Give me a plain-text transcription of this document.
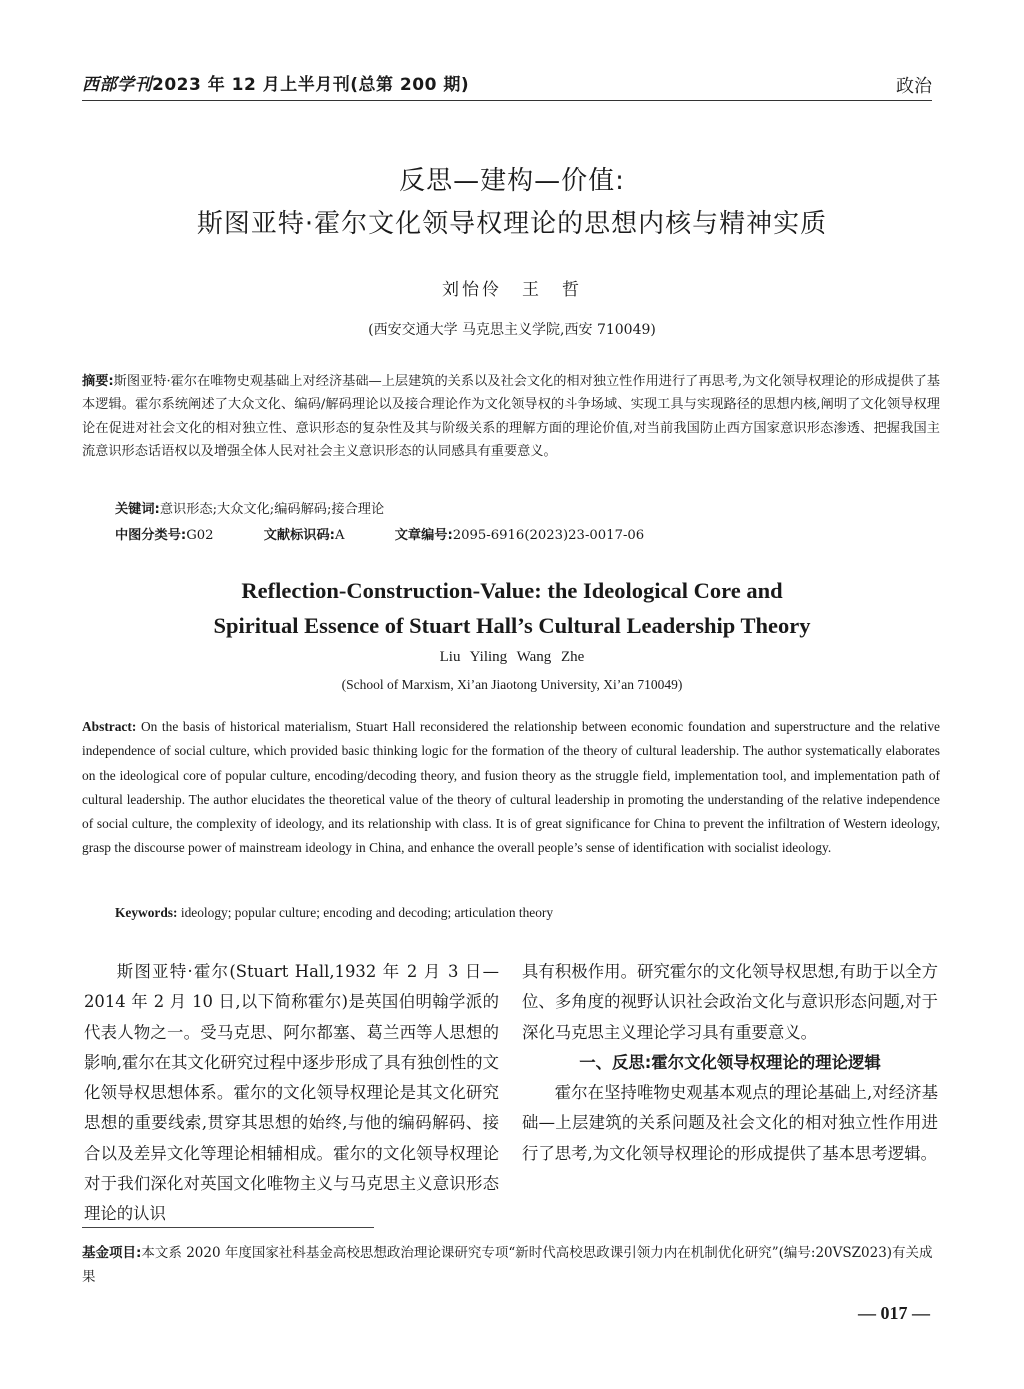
西部学刊2023 年 12 月上半月刊(总第 200 期)	政治
反思—建构—价值:
斯图亚特·霍尔文化领导权理论的思想内核与精神实质
刘怡伶　王　哲
(西安交通大学 马克思主义学院,西安 710049)
摘要:斯图亚特·霍尔在唯物史观基础上对经济基础—上层建筑的关系以及社会文化的相对独立性作用进行了再思考,为文化领导权理论的形成提供了基本逻辑。霍尔系统阐述了大众文化、编码/解码理论以及接合理论作为文化领导权的斗争场域、实现工具与实现路径的思想内核,阐明了文化领导权理论在促进对社会文化的相对独立性、意识形态的复杂性及其与阶级关系的理解方面的理论价值,对当前我国防止西方国家意识形态渗透、把握我国主流意识形态话语权以及增强全体人民对社会主义意识形态的认同感具有重要意义。
关键词:意识形态;大众文化;编码解码;接合理论
中图分类号:G02	文献标识码:A	文章编号:2095-6916(2023)23-0017-06
Reflection-Construction-Value: the Ideological Core and
Spiritual Essence of Stuart Hall’s Cultural Leadership Theory
Liu Yiling Wang Zhe
(School of Marxism, Xi’an Jiaotong University, Xi’an 710049)
Abstract: On the basis of historical materialism, Stuart Hall reconsidered the relationship between economic foundation and superstructure and the relative independence of social culture, which provided basic thinking logic for the formation of the theory of cultural leadership. The author systematically elaborates on the ideological core of popular culture, encoding/decoding theory, and fusion theory as the struggle field, implementation tool, and implementation path of cultural leadership. The author elucidates the theoretical value of the theory of cultural leadership in promoting the understanding of the relative independence of social culture, the complexity of ideology, and its relationship with class. It is of great significance for China to prevent the infiltration of Western ideology, grasp the discourse power of mainstream ideology in China, and enhance the overall people’s sense of identification with socialist ideology.
Keywords: ideology; popular culture; encoding and decoding; articulation theory
斯图亚特·霍尔(Stuart Hall,1932 年 2 月 3 日—2014 年 2 月 10 日,以下简称霍尔)是英国伯明翰学派的代表人物之一。受马克思、阿尔都塞、葛兰西等人思想的影响,霍尔在其文化研究过程中逐步形成了具有独创性的文化领导权思想体系。霍尔的文化领导权理论是其文化研究思想的重要线索,贯穿其思想的始终,与他的编码解码、接合以及差异文化等理论相辅相成。霍尔的文化领导权理论对于我们深化对英国文化唯物主义与马克思主义意识形态理论的认识
具有积极作用。研究霍尔的文化领导权思想,有助于以全方位、多角度的视野认识社会政治文化与意识形态问题,对于深化马克思主义理论学习具有重要意义。
一、反思:霍尔文化领导权理论的理论逻辑
霍尔在坚持唯物史观基本观点的理论基础上,对经济基础—上层建筑的关系问题及社会文化的相对独立性作用进行了思考,为文化领导权理论的形成提供了基本思考逻辑。
基金项目:本文系 2020 年度国家社科基金高校思想政治理论课研究专项“新时代高校思政课引领力内在机制优化研究”(编号:20VSZ023)有关成果
— 017 —
